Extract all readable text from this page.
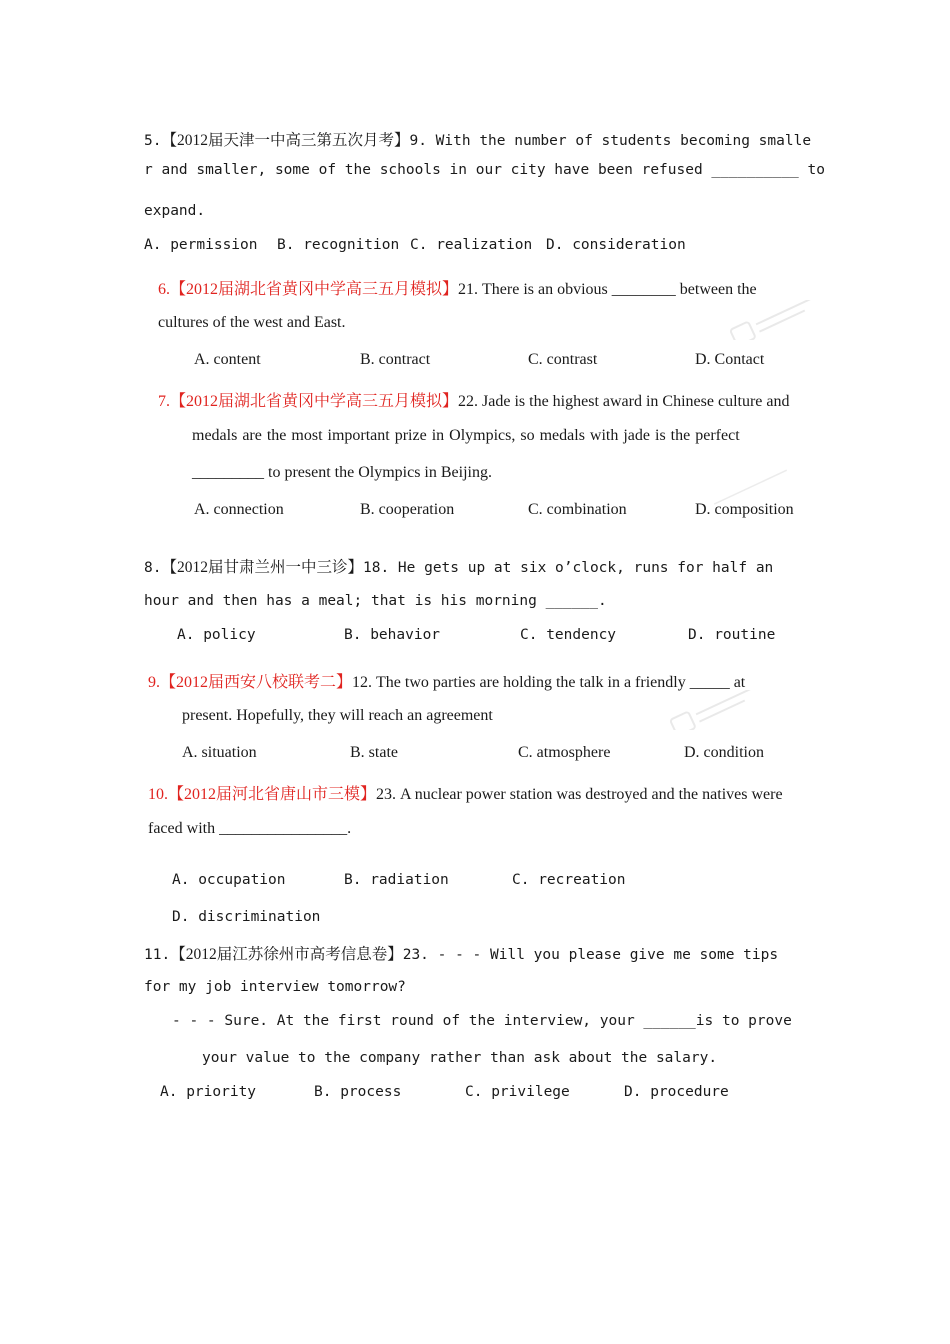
5.【2012届天津一中高三第五次月考】9. With the number of students becoming smalle
r and smaller, some of the schools in our city have been refused __________ to
expand.
A. permission B. recognition C. realization D. consideration
6.【2012届湖北省黄冈中学高三五月模拟】21. There is an obvious ________ between the
cultures of the west and East.
A. content	B. contract	C. contrast	D. Contact
7.【2012届湖北省黄冈中学高三五月模拟】22. Jade is the highest award in Chinese culture and
medals are the most important prize in Olympics, so medals with jade is the perfect
_________ to present the Olympics in Beijing.
A. connection	B. cooperation	C. combination	D. composition
8.【2012届甘肃兰州一中三诊】18. He gets up at six o’clock, runs for half an
hour and then has a meal; that is his morning ______.
A. policy	B. behavior	C. tendency	D. routine
9.【2012届西安八校联考二】12. The two parties are holding the talk in a friendly _____ at
present. Hopefully, they will reach an agreement
A. situation	B. state	C. atmosphere	D. condition
10.【2012届河北省唐山市三模】23. A nuclear power station was destroyed and the natives were
faced with ________________.
A. occupation	B. radiation	C. recreation
D. discrimination
11.【2012届江苏徐州市高考信息卷】23. - - - Will you please give me some tips
for my job interview tomorrow?
- - - Sure. At the first round of the interview, your ______is to prove
your value to the company rather than ask about the salary.
A. priority	B. process	C. privilege	D. procedure
